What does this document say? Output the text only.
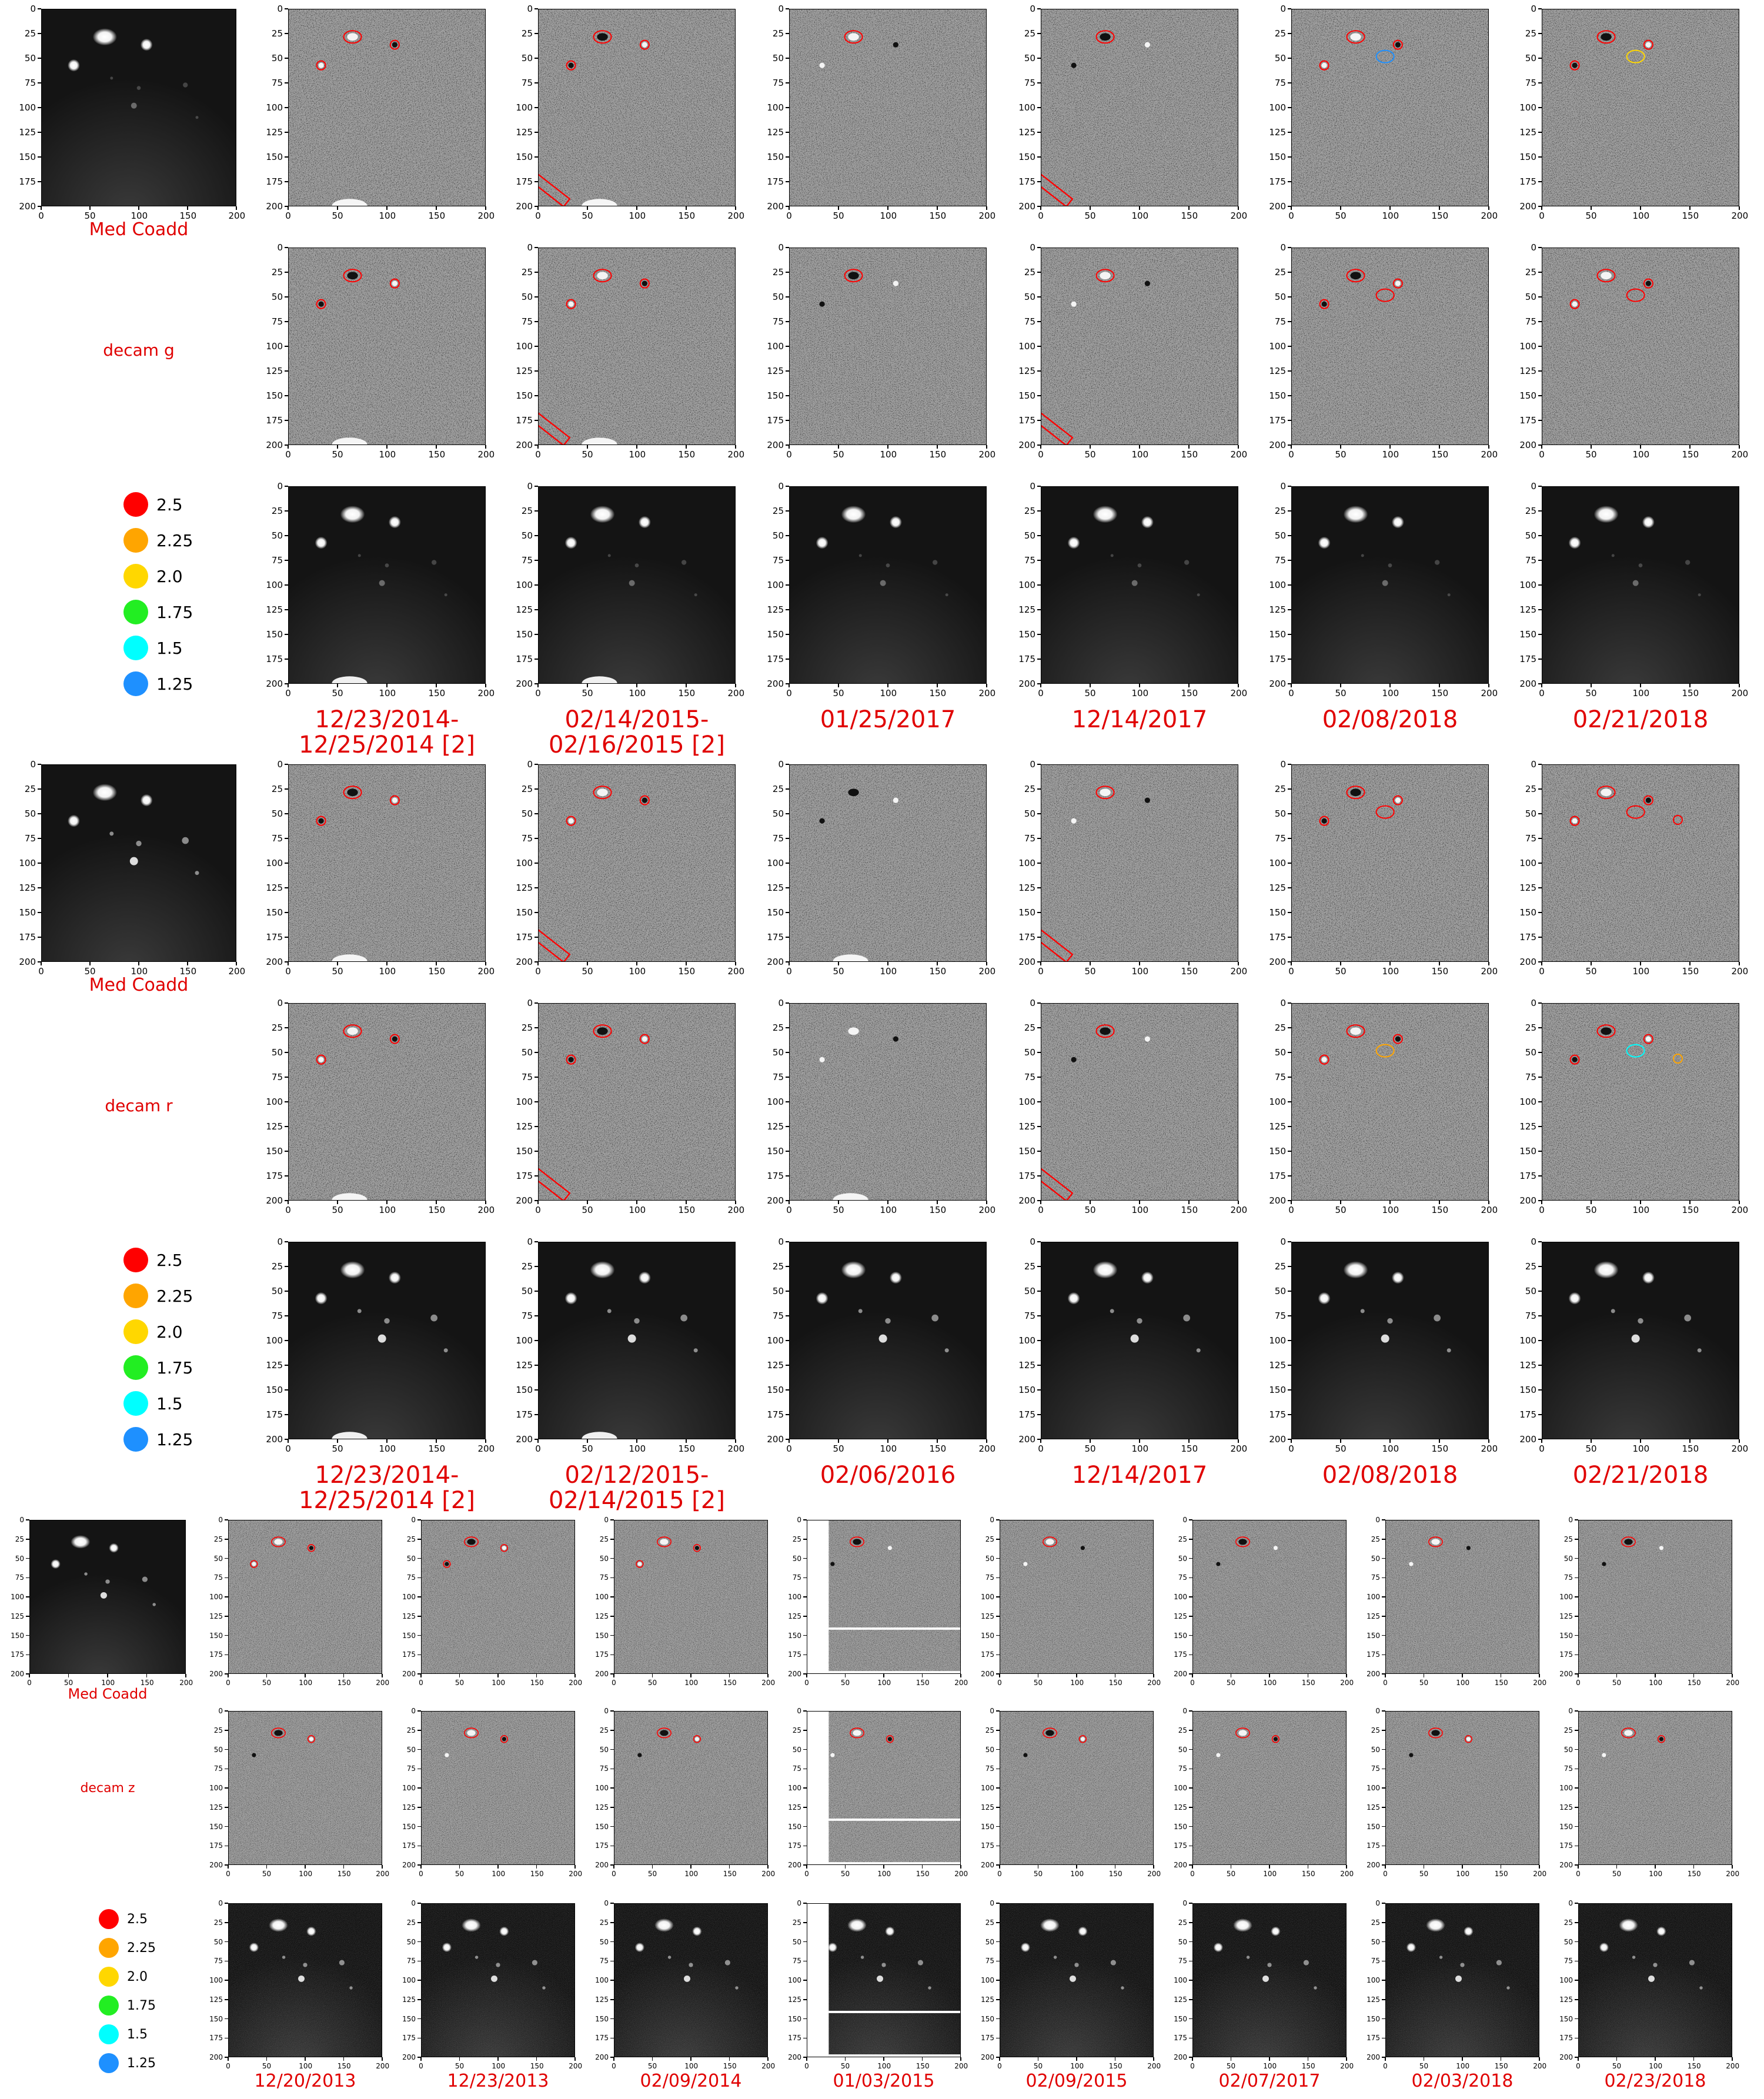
0
25
50
75
100
125
150
175
200
0	50	100	150	200
Med Coadd
decam g
2.5
2.25
2.0
1.75
1.5
1.25
0
25
50
75
100
125
150
175
200
0	50	100	150	200
0
25
50
75
100
125
150
175
200
0	50	100	150	200
0
25
50
75
100
125
150
175
200
0	50	100	150	200
12/23/2014-
12/25/2014 [2]
0
25
50
75
100
125
150
175
200
0	50	100	150	200
0
25
50
75
100
125
150
175
200
0	50	100	150	200
0
25
50
75
100
125
150
175
200
0	50	100	150	200
02/14/2015-
02/16/2015 [2]
0
25
50
75
100
125
150
175
200
0	50	100	150	200
0
25
50
75
100
125
150
175
200
0	50	100	150	200
0
25
50
75
100
125
150
175
200
0	50	100	150	200
01/25/2017
0
25
50
75
100
125
150
175
200
0	50	100	150	200
0
25
50
75
100
125
150
175
200
0	50	100	150	200
0
25
50
75
100
125
150
175
200
0	50	100	150	200
12/14/2017
0
25
50
75
100
125
150
175
200
0	50	100	150	200
0
25
50
75
100
125
150
175
200
0	50	100	150	200
0
25
50
75
100
125
150
175
200
0	50	100	150	200
02/08/2018
0
25
50
75
100
125
150
175
200
0	50	100	150	200
0
25
50
75
100
125
150
175
200
0	50	100	150	200
0
25
50
75
100
125
150
175
200
0	50	100	150	200
02/21/2018
0
25
50
75
100
125
150
175
200
0	50	100	150	200
Med Coadd
decam r
2.5
2.25
2.0
1.75
1.5
1.25
0
25
50
75
100
125
150
175
200
0	50	100	150	200
0
25
50
75
100
125
150
175
200
0	50	100	150	200
0
25
50
75
100
125
150
175
200
0	50	100	150	200
12/23/2014-
12/25/2014 [2]
0
25
50
75
100
125
150
175
200
0	50	100	150	200
0
25
50
75
100
125
150
175
200
0	50	100	150	200
0
25
50
75
100
125
150
175
200
0	50	100	150	200
02/12/2015-
02/14/2015 [2]
0
25
50
75
100
125
150
175
200
0	50	100	150	200
0
25
50
75
100
125
150
175
200
0	50	100	150	200
0
25
50
75
100
125
150
175
200
0	50	100	150	200
02/06/2016
0
25
50
75
100
125
150
175
200
0	50	100	150	200
0
25
50
75
100
125
150
175
200
0	50	100	150	200
0
25
50
75
100
125
150
175
200
0	50	100	150	200
12/14/2017
0
25
50
75
100
125
150
175
200
0	50	100	150	200
0
25
50
75
100
125
150
175
200
0	50	100	150	200
0
25
50
75
100
125
150
175
200
0	50	100	150	200
02/08/2018
0
25
50
75
100
125
150
175
200
0	50	100	150	200
0
25
50
75
100
125
150
175
200
0	50	100	150	200
0
25
50
75
100
125
150
175
200
0	50	100	150	200
02/21/2018
0
25
50
75
100
125
150
175
200
0	50	100	150	200
Med Coadd
decam z
2.5
2.25
2.0
1.75
1.5
1.25
0
25
50
75
100
125
150
175
200
0	50	100	150	200
0
25
50
75
100
125
150
175
200
0	50	100	150	200
0
25
50
75
100
125
150
175
200
0	50	100	150	200
12/20/2013
0
25
50
75
100
125
150
175
200
0	50	100	150	200
0
25
50
75
100
125
150
175
200
0	50	100	150	200
0
25
50
75
100
125
150
175
200
0	50	100	150	200
12/23/2013
0
25
50
75
100
125
150
175
200
0	50	100	150	200
0
25
50
75
100
125
150
175
200
0	50	100	150	200
0
25
50
75
100
125
150
175
200
0	50	100	150	200
02/09/2014
0
25
50
75
100
125
150
175
200
0	50	100	150	200
0
25
50
75
100
125
150
175
200
0	50	100	150	200
0
25
50
75
100
125
150
175
200
0	50	100	150	200
01/03/2015
0
25
50
75
100
125
150
175
200
0	50	100	150	200
0
25
50
75
100
125
150
175
200
0	50	100	150	200
0
25
50
75
100
125
150
175
200
0	50	100	150	200
02/09/2015
0
25
50
75
100
125
150
175
200
0	50	100	150	200
0
25
50
75
100
125
150
175
200
0	50	100	150	200
0
25
50
75
100
125
150
175
200
0	50	100	150	200
02/07/2017
0
25
50
75
100
125
150
175
200
0	50	100	150	200
0
25
50
75
100
125
150
175
200
0	50	100	150	200
0
25
50
75
100
125
150
175
200
0	50	100	150	200
02/03/2018
0
25
50
75
100
125
150
175
200
0	50	100	150	200
0
25
50
75
100
125
150
175
200
0	50	100	150	200
0
25
50
75
100
125
150
175
200
0	50	100	150	200
02/23/2018
